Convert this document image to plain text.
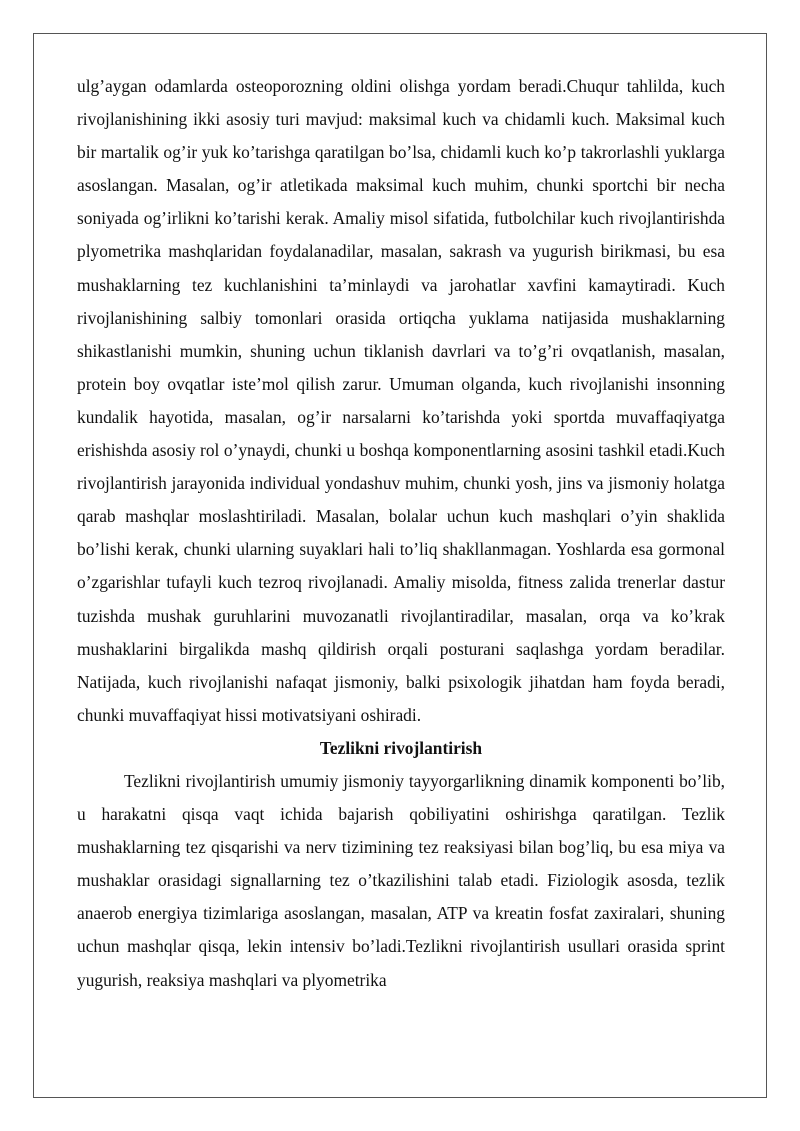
ulg’aygan odamlarda osteoporozning oldini olishga yordam beradi.Chuqur tahlilda, kuch rivojlanishining ikki asosiy turi mavjud: maksimal kuch va chidamli kuch. Maksimal kuch bir martalik og’ir yuk ko’tarishga qaratilgan bo’lsa, chidamli kuch ko’p takrorlashli yuklarga asoslangan. Masalan, og’ir atletikada maksimal kuch muhim, chunki sportchi bir necha soniyada og’irlikni ko’tarishi kerak. Amaliy misol sifatida, futbolchilar kuch rivojlantirishda plyometrika mashqlaridan foydalanadilar, masalan, sakrash va yugurish birikmasi, bu esa mushaklarning tez kuchlanishini ta’minlaydi va jarohatlar xavfini kamaytiradi. Kuch rivojlanishining salbiy tomonlari orasida ortiqcha yuklama natijasida mushaklarning shikastlanishi mumkin, shuning uchun tiklanish davrlari va to’g’ri ovqatlanish, masalan, protein boy ovqatlar iste’mol qilish zarur. Umuman olganda, kuch rivojlanishi insonning kundalik hayotida, masalan, og’ir narsalarni ko’tarishda yoki sportda muvaffaqiyatga erishishda asosiy rol o’ynaydi, chunki u boshqa komponentlarning asosini tashkil etadi.Kuch rivojlantirish jarayonida individual yondashuv muhim, chunki yosh, jins va jismoniy holatga qarab mashqlar moslashtiriladi. Masalan, bolalar uchun kuch mashqlari o’yin shaklida bo’lishi kerak, chunki ularning suyaklari hali to’liq shakllanmagan. Yoshlarda esa gormonal o’zgarishlar tufayli kuch tezroq rivojlanadi. Amaliy misolda, fitness zalida trenerlar dastur tuzishda mushak guruhlarini muvozanatli rivojlantiradilar, masalan, orqa va ko’krak mushaklarini birgalikda mashq qildirish orqali posturani saqlashga yordam beradilar. Natijada, kuch rivojlanishi nafaqat jismoniy, balki psixologik jihatdan ham foyda beradi, chunki muvaffaqiyat hissi motivatsiyani oshiradi.

Tezlikni rivojlantirish

Tezlikni rivojlantirish umumiy jismoniy tayyorgarlikning dinamik komponenti bo’lib, u harakatni qisqa vaqt ichida bajarish qobiliyatini oshirishga qaratilgan. Tezlik mushaklarning tez qisqarishi va nerv tizimining tez reaksiyasi bilan bog’liq, bu esa miya va mushaklar orasidagi signallarning tez o’tkazilishini talab etadi. Fiziologik asosda, tezlik anaerob energiya tizimlariga asoslangan, masalan, ATP va kreatin fosfat zaxiralari, shuning uchun mashqlar qisqa, lekin intensiv bo’ladi.Tezlikni rivojlantirish usullari orasida sprint yugurish, reaksiya mashqlari va plyometrika
